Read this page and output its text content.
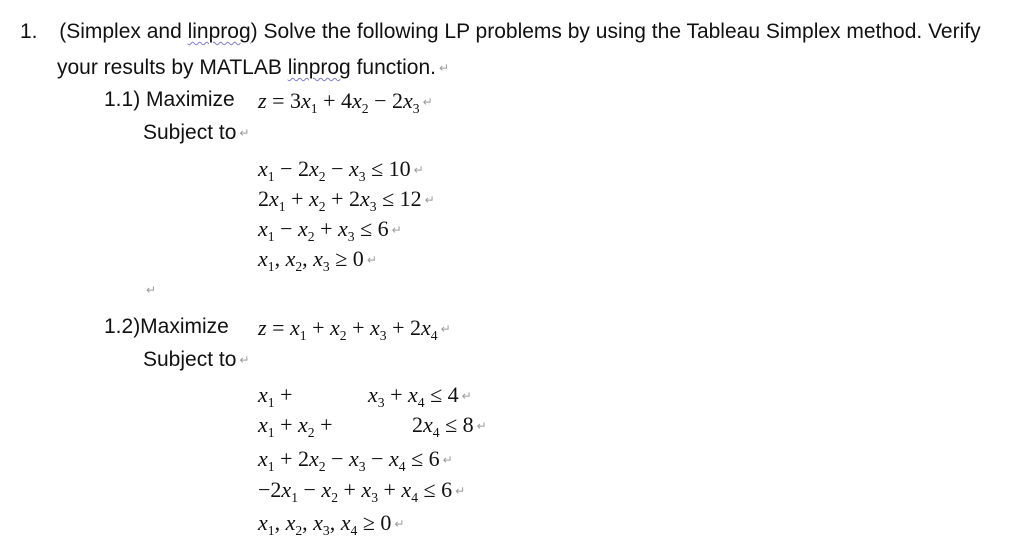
1. (Simplex and linprog) Solve the following LP problems by using the Tableau Simplex method. Verify
your results by MATLAB linprog function. ↵
1.1) Maximize $z = 3x_1 + 4x_2 - 2x_3$ ↵
Subject to ↵
$x_1 - 2x_2 - x_3 \le 10$ ↵
$2x_1 + x_2 + 2x_3 \le 12$ ↵
$x_1 - x_2 + x_3 \le 6$ ↵
$x_1$, $x_2$, $x_3 \ge 0$ ↵
↵
1.2)Maximize $z = x_1 + x_2 + x_3 + 2x_4$ ↵
Subject to ↵
$x_1$ +	$x_3 + x_4 \le 4$ ↵
$x_1 + x_2$ +	$2x_4 \le 8$ ↵
$x_1 + 2x_2 - x_3 - x_4 \le 6$ ↵
$-2x_1 - x_2 + x_3 + x_4 \le 6$ ↵
$x_1$, $x_2$, $x_3$, $x_4 \ge 0$ ↵
